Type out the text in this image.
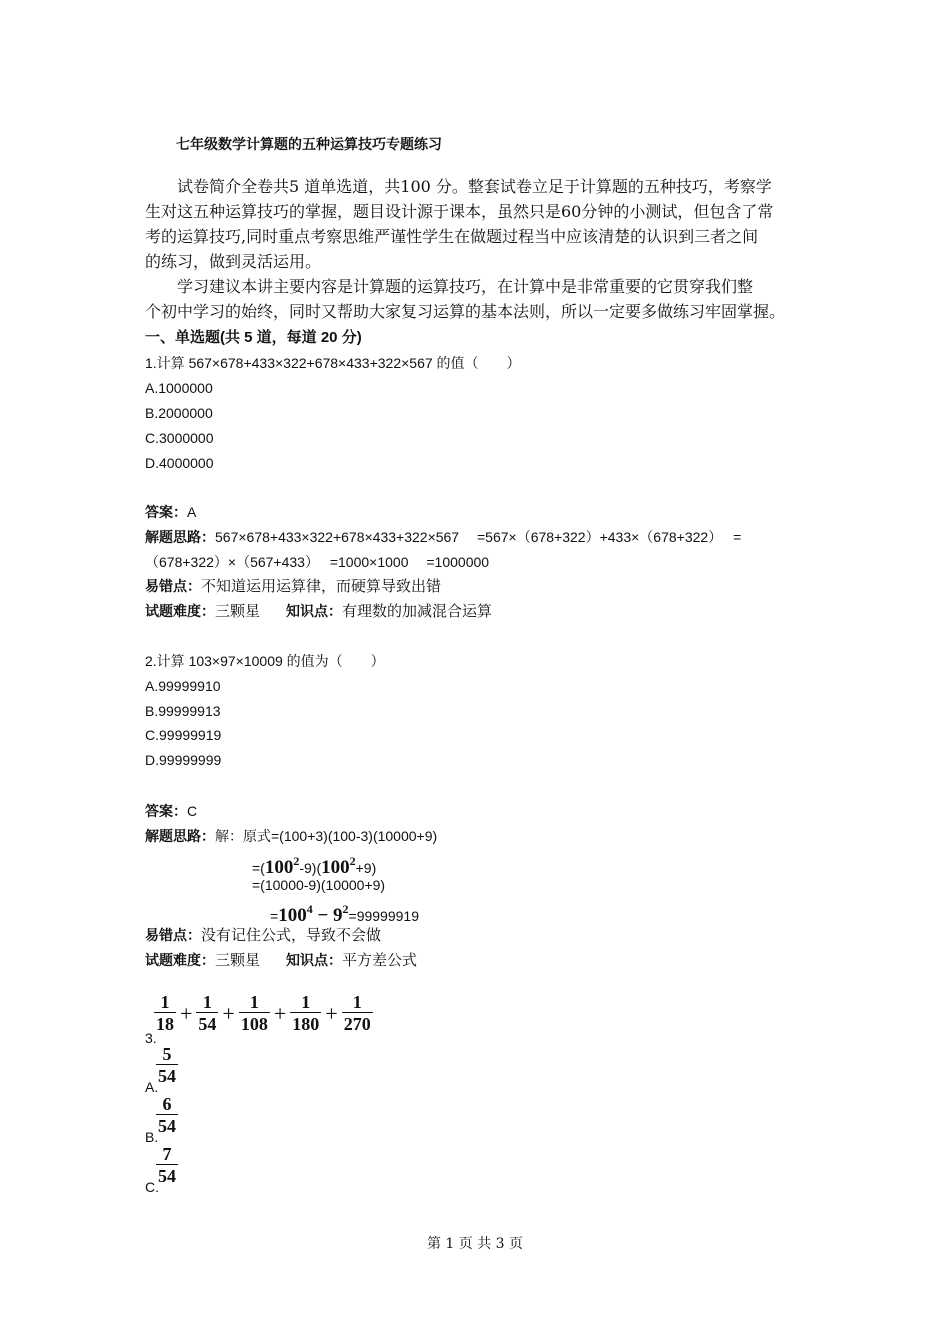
七年级数学计算题的五种运算技巧专题练习
试卷简介全卷共5 道单选道，共100 分。整套试卷立足于计算题的五种技巧，考察学
生对这五种运算技巧的掌握，题目设计源于课本，虽然只是60分钟的小测试，但包含了常
考的运算技巧,同时重点考察思维严谨性学生在做题过程当中应该清楚的认识到三者之间
的练习，做到灵活运用。
学习建议本讲主要内容是计算题的运算技巧，在计算中是非常重要的它贯穿我们整
个初中学习的始终，同时又帮助大家复习运算的基本法则，所以一定要多做练习牢固掌握。
一、单选题(共 5 道，每道 20 分)
1.计算 567×678+433×322+678×433+322×567 的值（　　）
A.1000000
B.2000000
C.3000000
D.4000000
答案：A
解题思路：567×678+433×322+678×433+322×567　 =567×（678+322）+433×（678+322）　 =
（678+322）×（567+433）　 =1000×1000　 =1000000
易错点：不知道运用运算律，而硬算导致出错
试题难度：三颗星 知识点：有理数的加减混合运算
2.计算 103×97×10009 的值为（　　）
A.99999910
B.99999913
C.99999919
D.99999999
答案：C
解题思路：解：原式=(100+3)(100-3)(10000+9)
=(1002-9)(1002+9)
=(10000-9)(10000+9)
=1004 − 92=99999919
易错点：没有记住公式，导致不会做
试题难度：三颗星 知识点：平方差公式
3.
$\frac{1}{18} + \frac{1}{54} + \frac{1}{108} + \frac{1}{180} + \frac{1}{270}$
A.
$\frac{5}{54}$
B.
$\frac{6}{54}$
C.
$\frac{7}{54}$
第 1 页 共 3 页
